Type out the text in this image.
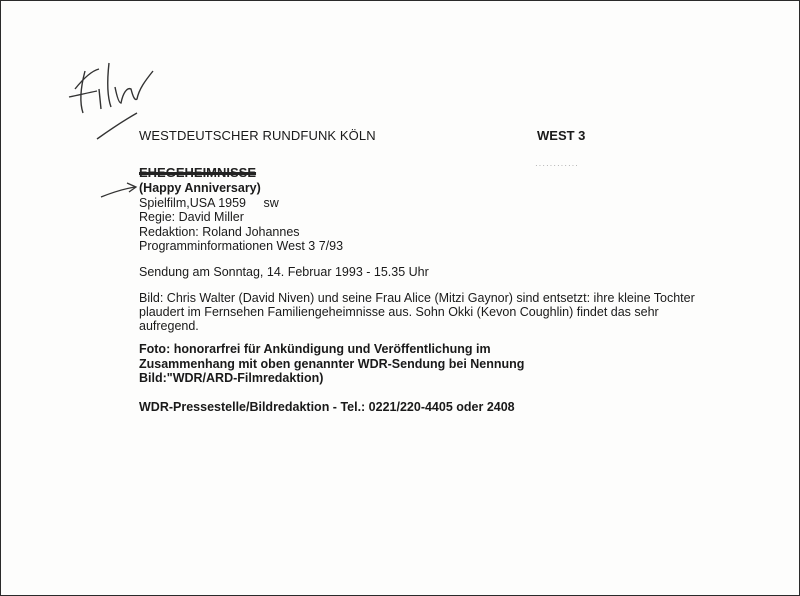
WESTDEUTSCHER RUNDFUNK KÖLN	WEST 3
············
EHEGEHEIMNISSE
(Happy Anniversary)
Spielfilm,USA 1959 sw
Regie: David Miller
Redaktion: Roland Johannes
Programminformationen West 3 7/93
Sendung am Sonntag, 14. Februar 1993 - 15.35 Uhr
Bild: Chris Walter (David Niven) und seine Frau Alice (Mitzi Gaynor) sind entsetzt: ihre kleine Tochter plaudert im Fernsehen Familiengeheimnisse aus. Sohn Okki (Kevon Coughlin) findet das sehr aufregend.
Foto: honorarfrei für Ankündigung und Veröffentlichung im Zusammenhang mit oben genannter WDR-Sendung bei Nennung Bild:"WDR/ARD-Filmredaktion)
WDR-Pressestelle/Bildredaktion - Tel.: 0221/220-4405 oder 2408
